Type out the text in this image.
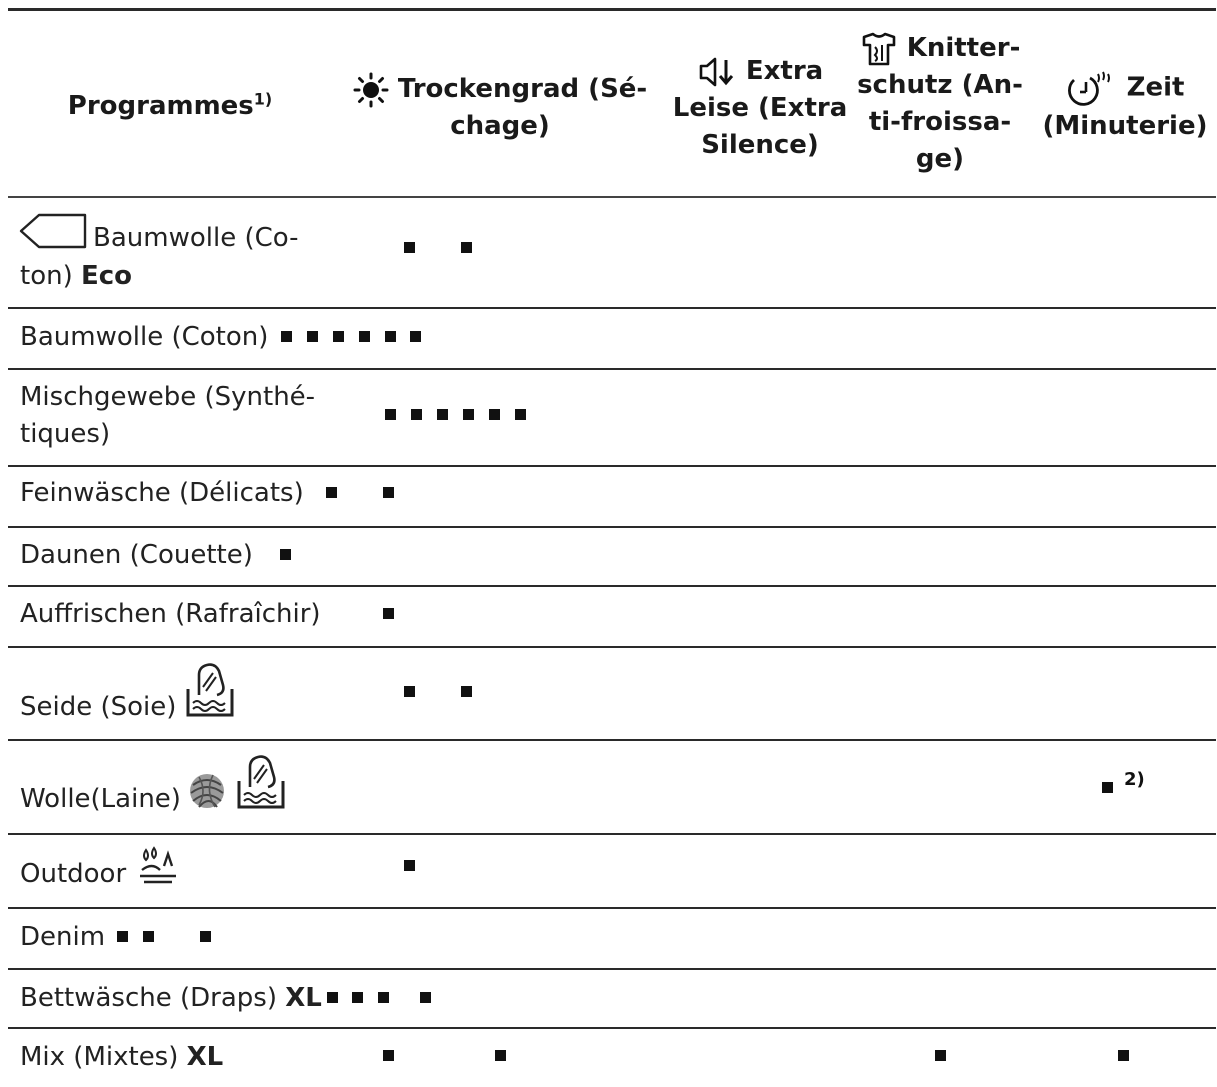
Programmes$^{1)}$	Trockengrad (Sé-
chage)
Extra
Leise (Extra
Silence)
Knitter-
schutz (An-
ti-froissa-
ge)
Zeit
(Minuterie)
Baumwolle (Co-
ton) Eco
Baumwolle (Coton)
Mischgewebe (Synthé-
tiques)
Feinwäsche (Délicats)
Daunen (Couette)
Auffrischen (Rafraîchir)
Seide (Soie)
Wolle(Laine)
2)
Outdoor
Denim
Bettwäsche (Draps) XL
Mix (Mixtes) XL
